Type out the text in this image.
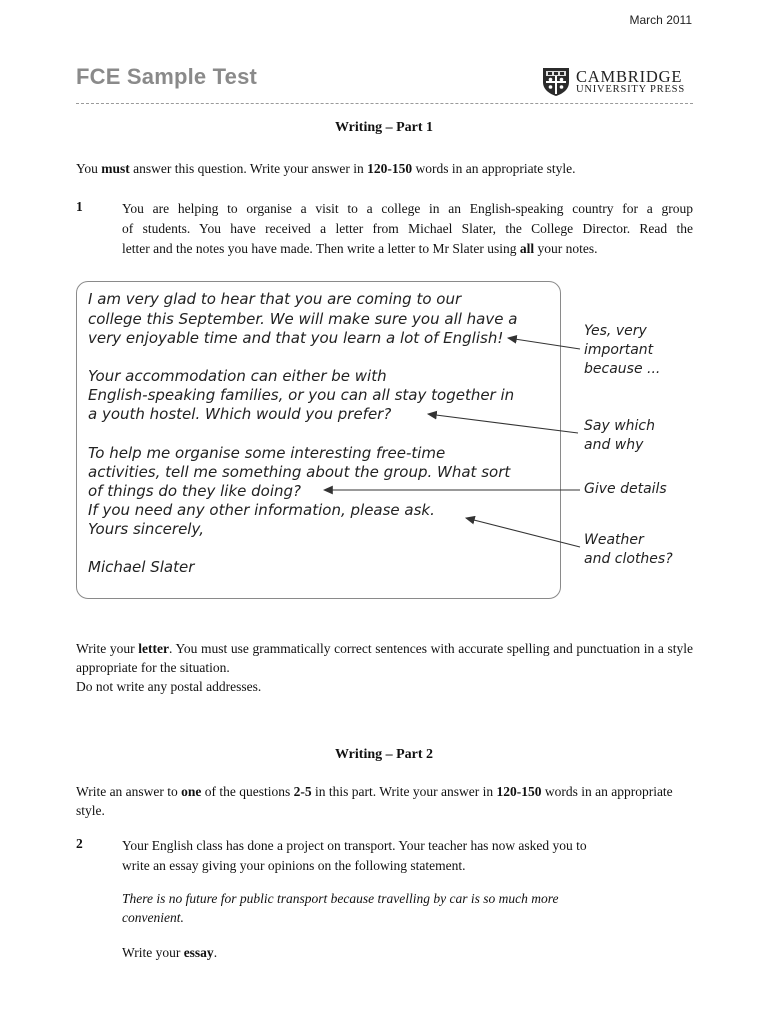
March 2011
FCE Sample Test	CAMBRIDGE
UNIVERSITY PRESS
Writing – Part 1
You must answer this question. Write your answer in 120-150 words in an appropriate style.
1	You are helping to organise a visit to a college in an English-speaking country for a group
of students. You have received a letter from Michael Slater, the College Director. Read the
letter and the notes you have made. Then write a letter to Mr Slater using all your notes.
I am very glad to hear that you are coming to our
college this September. We will make sure you all have a
very enjoyable time and that you learn a lot of English!
Your accommodation can either be with
English-speaking families, or you can all stay together in
a youth hostel. Which would you prefer?
To help me organise some interesting free-time
activities, tell me something about the group. What sort
of things do they like doing?
If you need any other information, please ask.
Yours sincerely,
Michael Slater
Yes, very
important
because ...
Say which
and why
Give details
Weather
and clothes?
Write your letter. You must use grammatically correct sentences with accurate spelling and punctuation in a style appropriate for the situation.
Do not write any postal addresses.
Writing – Part 2
Write an answer to one of the questions 2-5 in this part. Write your answer in 120-150 words in an appropriate style.
2	Your English class has done a project on transport. Your teacher has now asked you to
write an essay giving your opinions on the following statement.
There is no future for public transport because travelling by car is so much more
convenient.
Write your essay.
